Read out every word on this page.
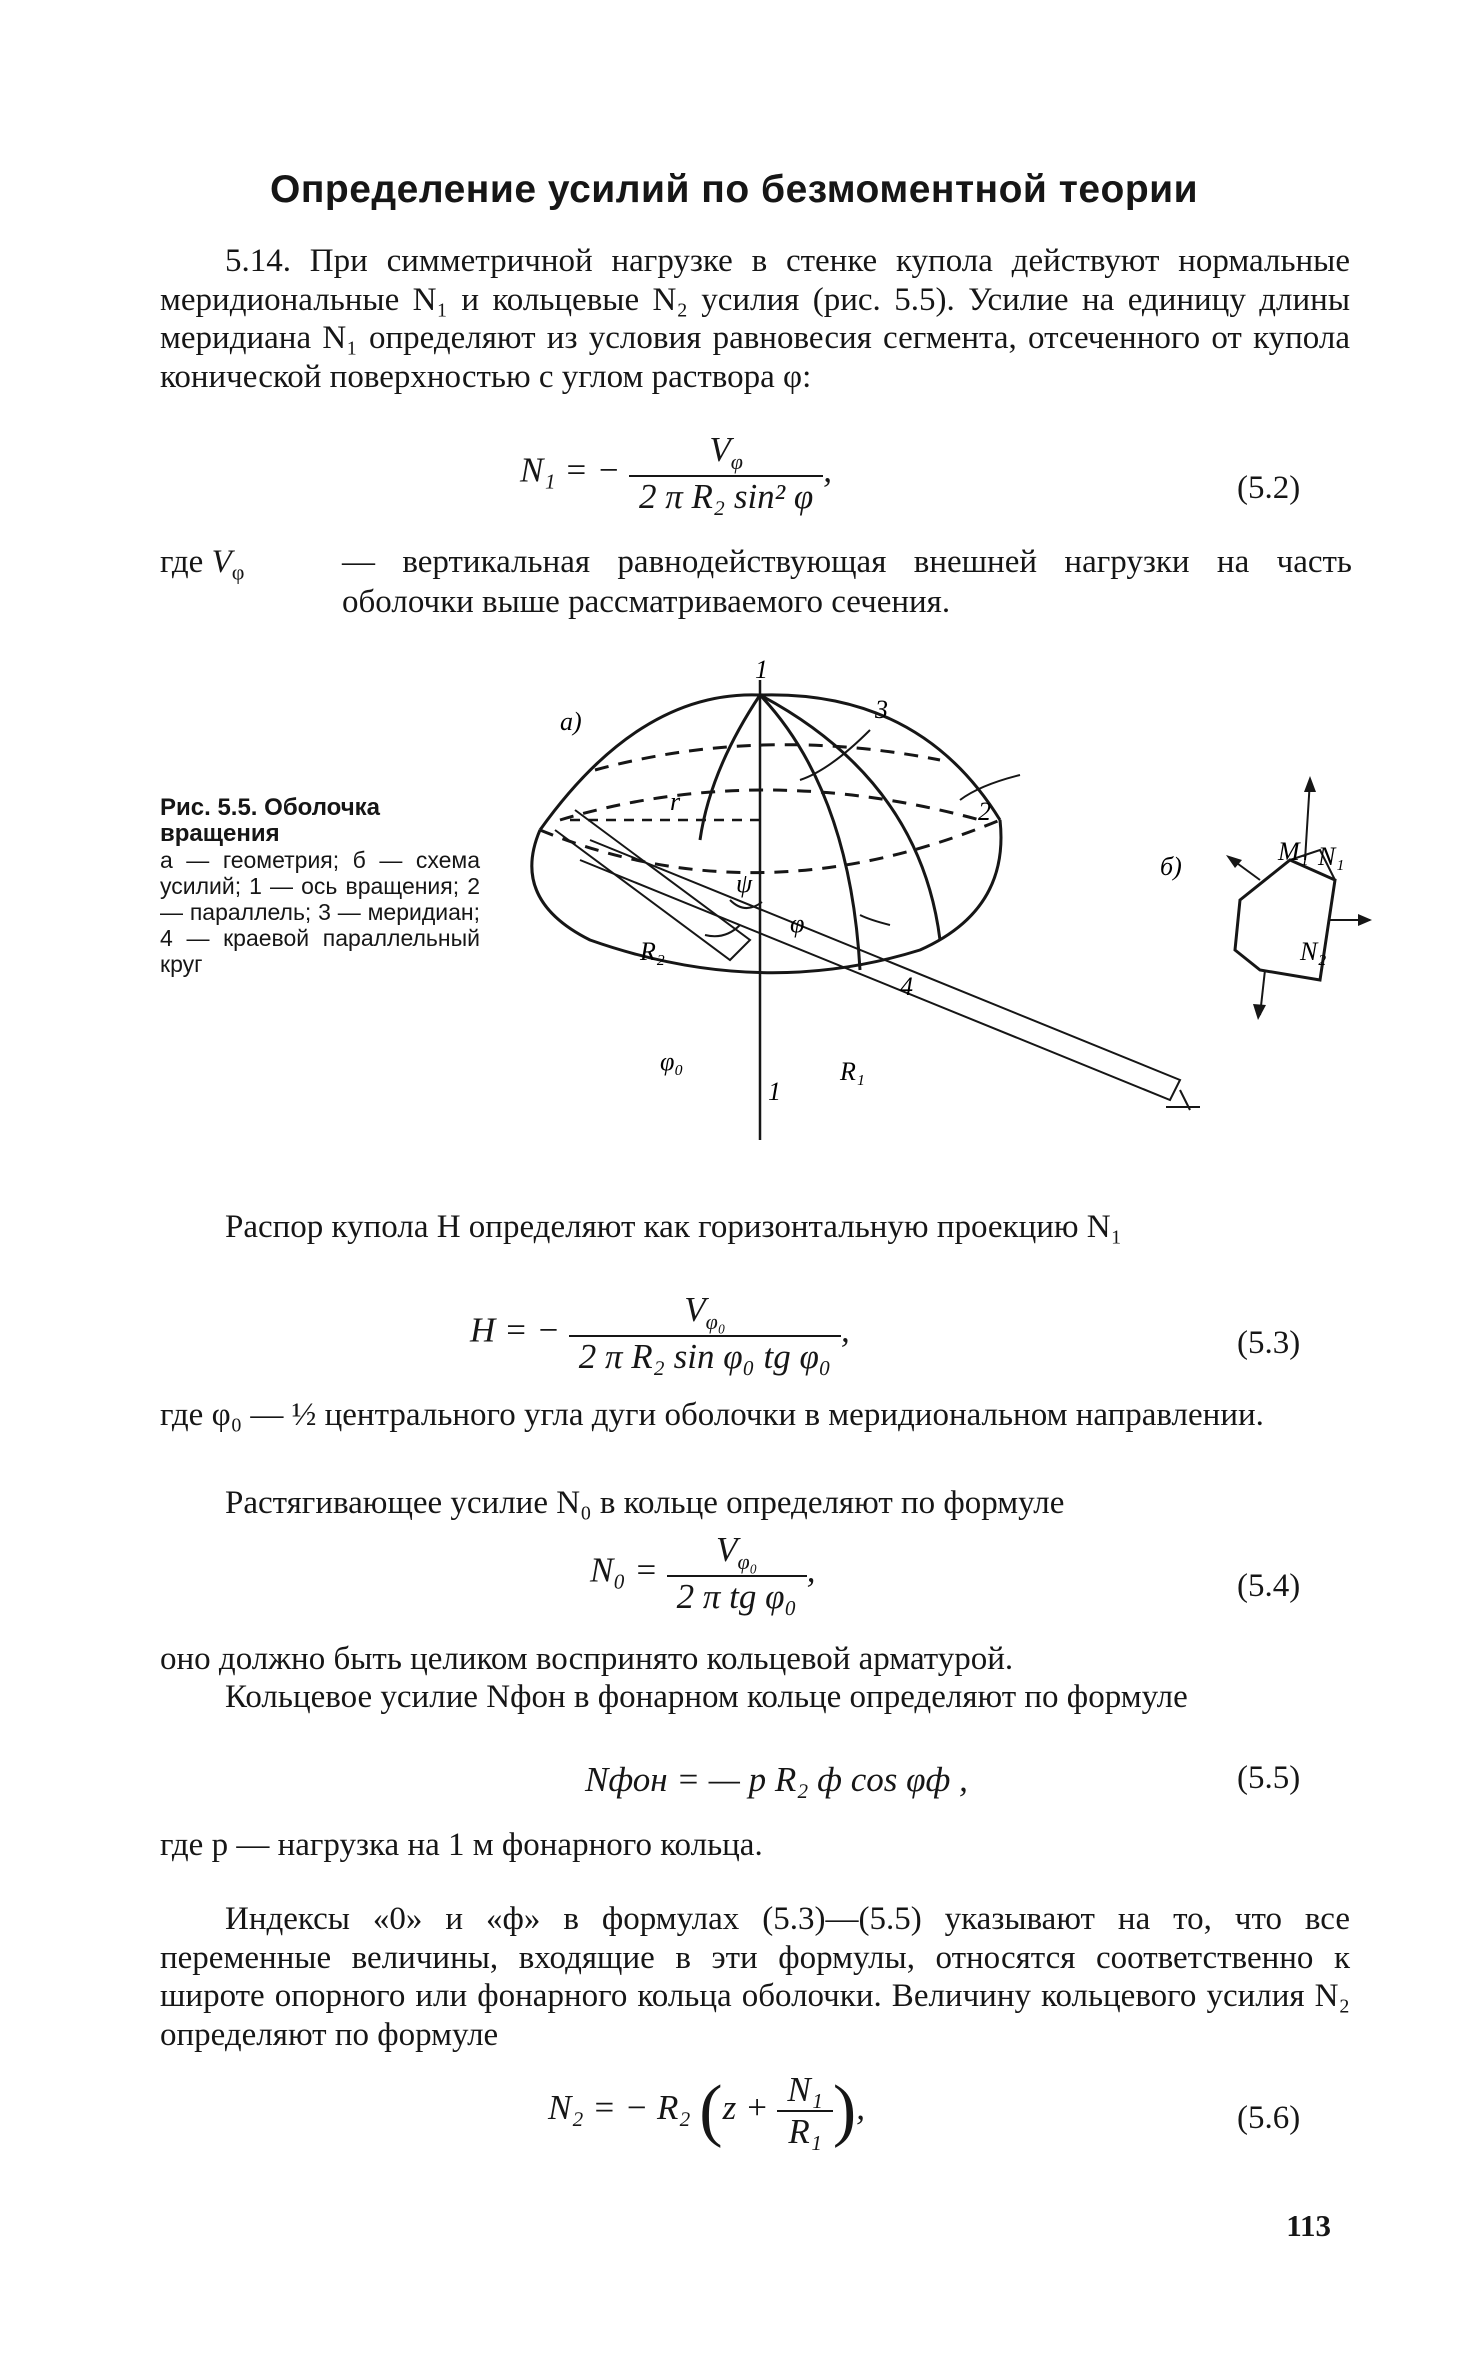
Определение усилий по безмоментной теории
5.14. При симметричной нагрузке в стенке купола действуют нормальные меридиональные N₁ и кольцевые N₂ усилия (рис. 5.5). Усилие на единицу длины меридиана N₁ определяют из условия равновесия сегмента, отсеченного от купола конической поверхностью с углом раствора φ:
N₁ = − $\frac{V_\varphi}{\text{2 π R₂ sin² φ}}$ ,	(5.2)
где $V_\varphi$	— вертикальная равнодействующая внешней нагрузки на часть оболочки выше рассматриваемого сечения.
Рис. 5.5. Оболочка вращения
а — геометрия; б — схема усилий; 1 — ось вращения; 2 — параллель; 3 — меридиан; 4 — краевой параллельный круг
а)
1
3
2
r
ψ
φ
4
R₂
φ₀
1
R₁
б)
M₁ N₁
N₂
Распор купола H определяют как горизонтальную проекцию N₁
H = − $\frac{V_{\varphi_0}}{\text{2 π R₂ sin φ₀ tg φ₀}}$ ,	(5.3)
где φ₀ — ½ центрального угла дуги оболочки в меридиональном направлении.
Растягивающее усилие N₀ в кольце определяют по формуле
$N_0 = \frac{V_{\varphi_0}}{\text{2 π tg φ₀}}$ ,	(5.4)
оно должно быть целиком воспринято кольцевой арматурой.
Кольцевое усилие Nфон в фонарном кольце определяют по формуле
Nфон = — p R₂ ф cos φф ,	(5.5)
где p — нагрузка на 1 м фонарного кольца.
Индексы «0» и «ф» в формулах (5.3)—(5.5) указывают на то, что все переменные величины, входящие в эти формулы, относятся соответственно к широте опорного или фонарного кольца оболочки. Величину кольцевого усилия N₂ определяют по формуле
N₂ = − R₂ ($z + \frac{\text{N₁}}{\text{R₁}}$ ),	(5.6)
113
